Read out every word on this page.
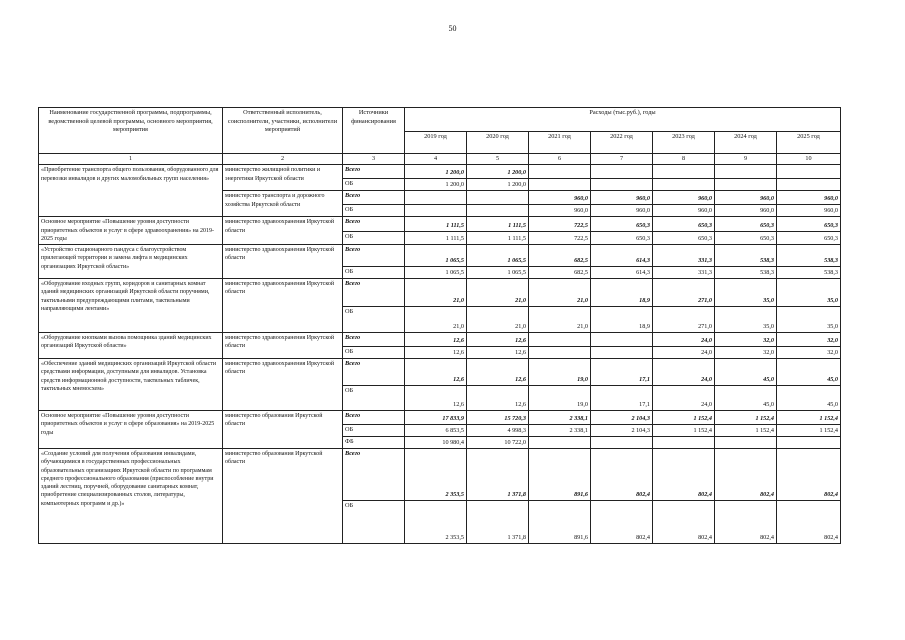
50
Наименование государственной программы, подпрограммы, ведомственной целевой программы, основного мероприятия, мероприятия	Ответственный исполнитель, соисполнители, участники, исполнители мероприятий	Источники финансирования	Расходы (тыс.руб.), годы						
			2019 год	2020 год	2021 год	2022 год	2023 год	2024 год	2025 год
1	2	3	4	5	6	7	8	9	10
«Приобретение транспорта общего пользования, оборудованного для перевозки инвалидов и других маломобильных групп населения»	министерство жилищной политики и энергетики Иркутской области	Всего	1 200,0	1 200,0					
		ОБ	1 200,0	1 200,0					
	министерство транспорта и дорожного хозяйства Иркутской области	Всего			960,0	960,0	960,0	960,0	960,0
		ОБ			960,0	960,0	960,0	960,0	960,0
Основное мероприятие «Повышение уровня доступности приоритетных объектов и услуг в сфере здравоохранения» на 2019-2025 годы	министерство здравоохранения Иркутской области	Всего	1 111,5	1 111,5	722,5	650,3	650,3	650,3	650,3
		ОБ	1 111,5	1 111,5	722,5	650,3	650,3	650,3	650,3
«Устройство стационарного пандуса с благоустройством прилегающей территории и замена лифта в медицинских организациях Иркутской области»	министерство здравоохранения Иркутской области	Всего	1 065,5	1 065,5	682,5	614,3	331,3	538,3	538,3
		ОБ	1 065,5	1 065,5	682,5	614,3	331,3	538,3	538,3
«Оборудование входных групп, коридоров и санитарных комнат зданий медицинских организаций Иркутской области поручнями, тактильными предупреждающими плитами, тактильными направляющими лентами»	министерство здравоохранения Иркутской области	Всего	21,0	21,0	21,0	18,9	271,0	35,0	35,0
		ОБ	21,0	21,0	21,0	18,9	271,0	35,0	35,0
«Оборудование кнопками вызова помощника зданий медицинских организаций Иркутской области»	министерство здравоохранения Иркутской области	Всего	12,6	12,6			24,0	32,0	32,0
		ОБ	12,6	12,6			24,0	32,0	32,0
«Обеспечение зданий медицинских организаций Иркутской области средствами информации, доступными для инвалидов. Установка средств информационной доступности, тактильных табличек, тактильных мнемосхем»	министерство здравоохранения Иркутской области	Всего	12,6	12,6	19,0	17,1	24,0	45,0	45,0
		ОБ	12,6	12,6	19,0	17,1	24,0	45,0	45,0
Основное мероприятие «Повышение уровня доступности приоритетных объектов и услуг в сфере образования» на 2019-2025 годы	министерство образования Иркутской области	Всего	17 833,9	15 720,3	2 338,1	2 104,3	1 152,4	1 152,4	1 152,4
		ОБ	6 853,5	4 998,3	2 338,1	2 104,3	1 152,4	1 152,4	1 152,4
		ФБ	10 980,4	10 722,0					
«Создание условий для получения образования инвалидами, обучающимися в государственных профессиональных образовательных организациях Иркутской области по программам среднего профессионального образования (приспособление внутри зданий лестниц, поручней, оборудование санитарных комнат, приобретение специализированных столов, литературы, компьютерных программ и др.)»	министерство образования Иркутской области	Всего	2 353,5	1 371,8	891,6	802,4	802,4	802,4	802,4
		ОБ	2 353,5	1 371,8	891,6	802,4	802,4	802,4	802,4
